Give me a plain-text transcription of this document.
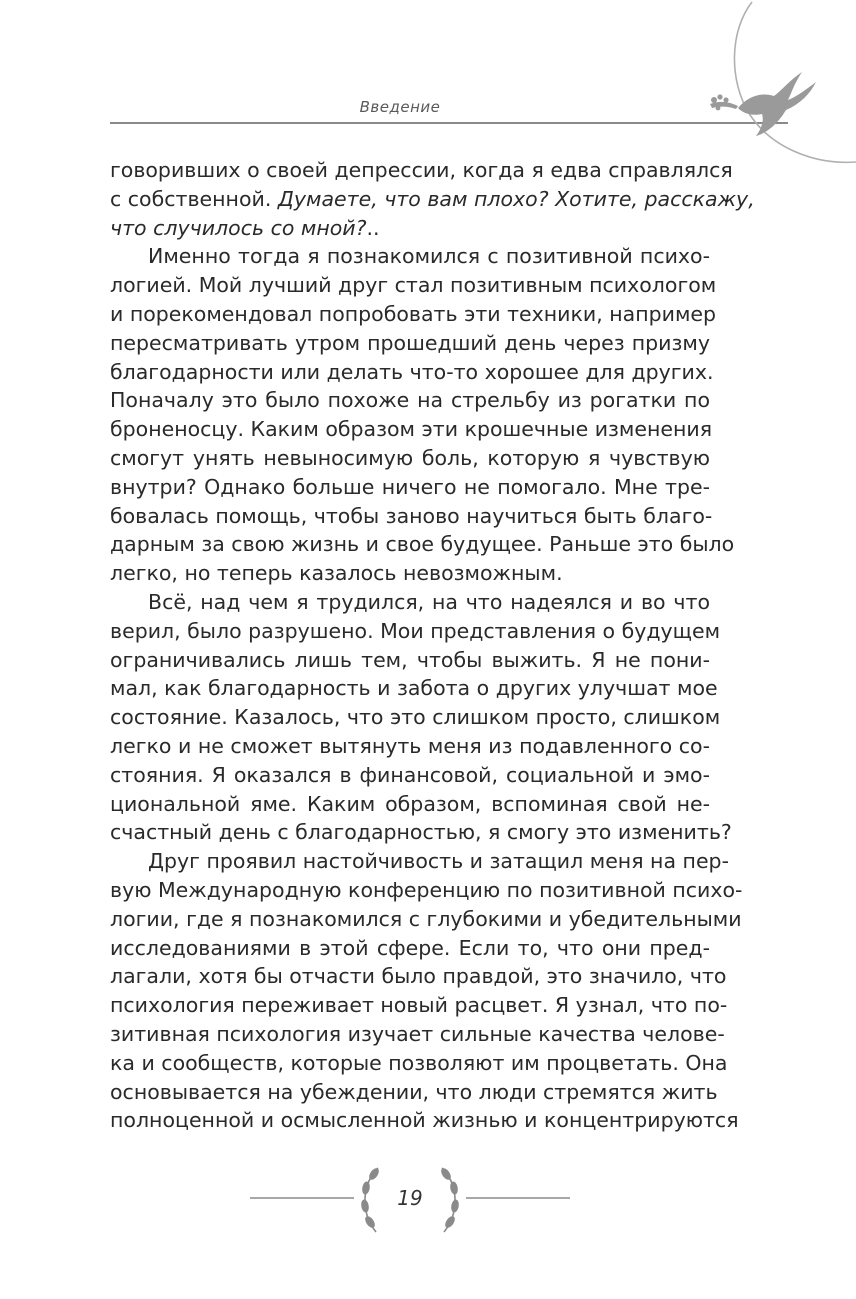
Введение
говоривших о своей депрессии, когда я едва справлялся
с собственной. Думаете, что вам плохо? Хотите, расскажу,
что случилось со мной?..
Именно тогда я познакомился с позитивной психо-
логией. Мой лучший друг стал позитивным психологом
и порекомендовал попробовать эти техники, например
пересматривать утром прошедший день через призму
благодарности или делать что-то хорошее для других.
Поначалу это было похоже на стрельбу из рогатки по
броненосцу. Каким образом эти крошечные изменения
смогут унять невыносимую боль, которую я чувствую
внутри? Однако больше ничего не помогало. Мне тре-
бовалась помощь, чтобы заново научиться быть благо-
дарным за свою жизнь и свое будущее. Раньше это было
легко, но теперь казалось невозможным.
Всё, над чем я трудился, на что надеялся и во что
верил, было разрушено. Мои представления о будущем
ограничивались лишь тем, чтобы выжить. Я не пони-
мал, как благодарность и забота о других улучшат мое
состояние. Казалось, что это слишком просто, слишком
легко и не сможет вытянуть меня из подавленного со-
стояния. Я оказался в финансовой, социальной и эмо-
циональной яме. Каким образом, вспоминая свой не-
счастный день с благодарностью, я смогу это изменить?
Друг проявил настойчивость и затащил меня на пер-
вую Международную конференцию по позитивной психо-
логии, где я познакомился с глубокими и убедительными
исследованиями в этой сфере. Если то, что они пред-
лагали, хотя бы отчасти было правдой, это значило, что
психология переживает новый расцвет. Я узнал, что по-
зитивная психология изучает сильные качества челове-
ка и сообществ, которые позволяют им процветать. Она
основывается на убеждении, что люди стремятся жить
полноценной и осмысленной жизнью и концентрируются
19
